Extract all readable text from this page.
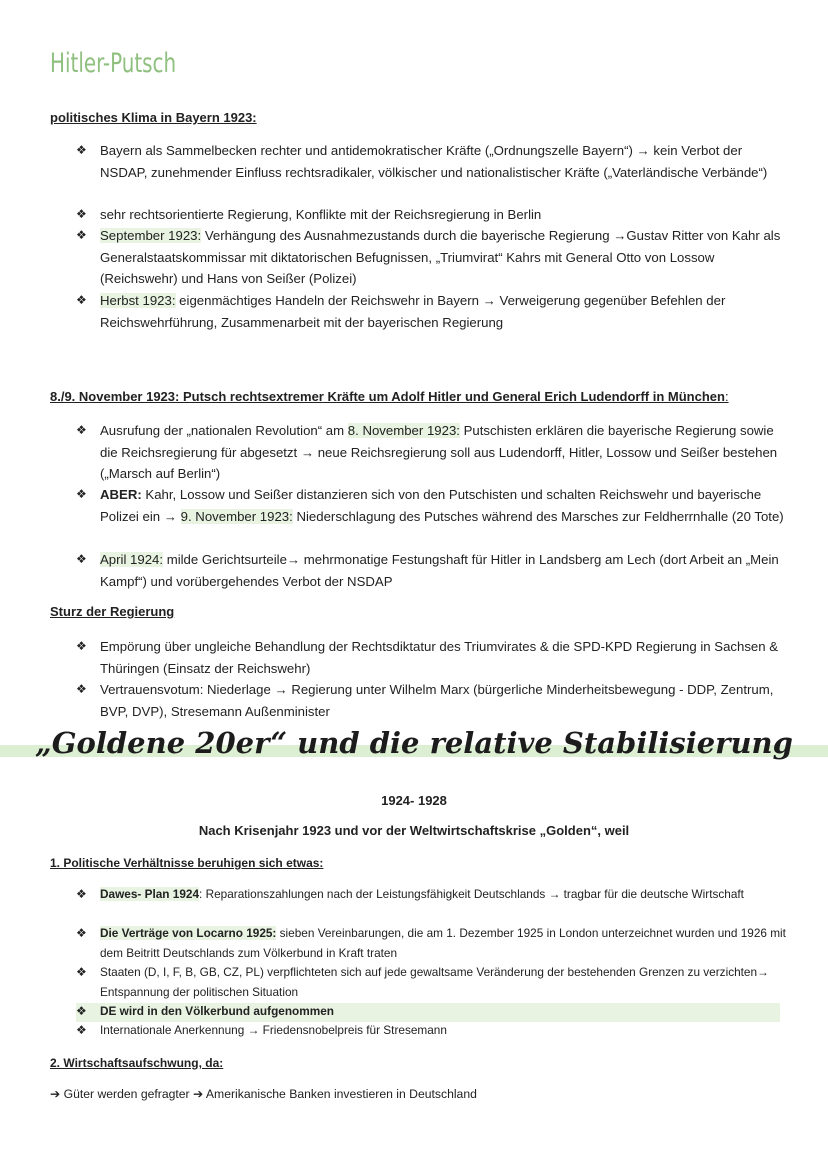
Hitler-Putsch
politisches Klima in Bayern 1923:
❖	Bayern als Sammelbecken rechter und antidemokratischer Kräfte („Ordnungszelle Bayern“) → kein Verbot der NSDAP, zunehmender Einfluss rechtsradikaler, völkischer und nationalistischer Kräfte („Vaterländische Verbände“)
❖	sehr rechtsorientierte Regierung, Konflikte mit der Reichsregierung in Berlin
❖	September 1923: Verhängung des Ausnahmezustands durch die bayerische Regierung →Gustav Ritter von Kahr als Generalstaatskommissar mit diktatorischen Befugnissen, „Triumvirat“ Kahrs mit General Otto von Lossow (Reichswehr) und Hans von Seißer (Polizei)
❖	Herbst 1923: eigenmächtiges Handeln der Reichswehr in Bayern → Verweigerung gegenüber Befehlen der Reichswehrführung, Zusammenarbeit mit der bayerischen Regierung
8./9. November 1923: Putsch rechtsextremer Kräfte um Adolf Hitler und General Erich Ludendorff in München:
❖	Ausrufung der „nationalen Revolution“ am 8. November 1923: Putschisten erklären die bayerische Regierung sowie die Reichsregierung für abgesetzt → neue Reichsregierung soll aus Ludendorff, Hitler, Lossow und Seißer bestehen („Marsch auf Berlin“)
❖	ABER: Kahr, Lossow und Seißer distanzieren sich von den Putschisten und schalten Reichswehr und bayerische Polizei ein → 9. November 1923: Niederschlagung des Putsches während des Marsches zur Feldherrnhalle (20 Tote)
❖	April 1924: milde Gerichtsurteile→ mehrmonatige Festungshaft für Hitler in Landsberg am Lech (dort Arbeit an „Mein Kampf“) und vorübergehendes Verbot der NSDAP
Sturz der Regierung
❖	Empörung über ungleiche Behandlung der Rechtsdiktatur des Triumvirates & die SPD-KPD Regierung in Sachsen & Thüringen (Einsatz der Reichswehr)
❖	Vertrauensvotum: Niederlage → Regierung unter Wilhelm Marx (bürgerliche Minderheitsbewegung - DDP, Zentrum, BVP, DVP), Stresemann Außenminister
„Goldene 20er“ und die relative Stabilisierung
1924- 1928
Nach Krisenjahr 1923 und vor der Weltwirtschaftskrise „Golden“, weil
1. Politische Verhältnisse beruhigen sich etwas:
❖	Dawes- Plan 1924: Reparationszahlungen nach der Leistungsfähigkeit Deutschlands → tragbar für die deutsche Wirtschaft
❖	Die Verträge von Locarno 1925: sieben Vereinbarungen, die am 1. Dezember 1925 in London unterzeichnet wurden und 1926 mit dem Beitritt Deutschlands zum Völkerbund in Kraft traten
❖	Staaten (D, I, F, B, GB, CZ, PL) verpflichteten sich auf jede gewaltsame Veränderung der bestehenden Grenzen zu verzichten→ Entspannung der politischen Situation
❖	DE wird in den Völkerbund aufgenommen
❖	Internationale Anerkennung → Friedensnobelpreis für Stresemann
2. Wirtschaftsaufschwung, da:
➔ Güter werden gefragter ➔ Amerikanische Banken investieren in Deutschland
